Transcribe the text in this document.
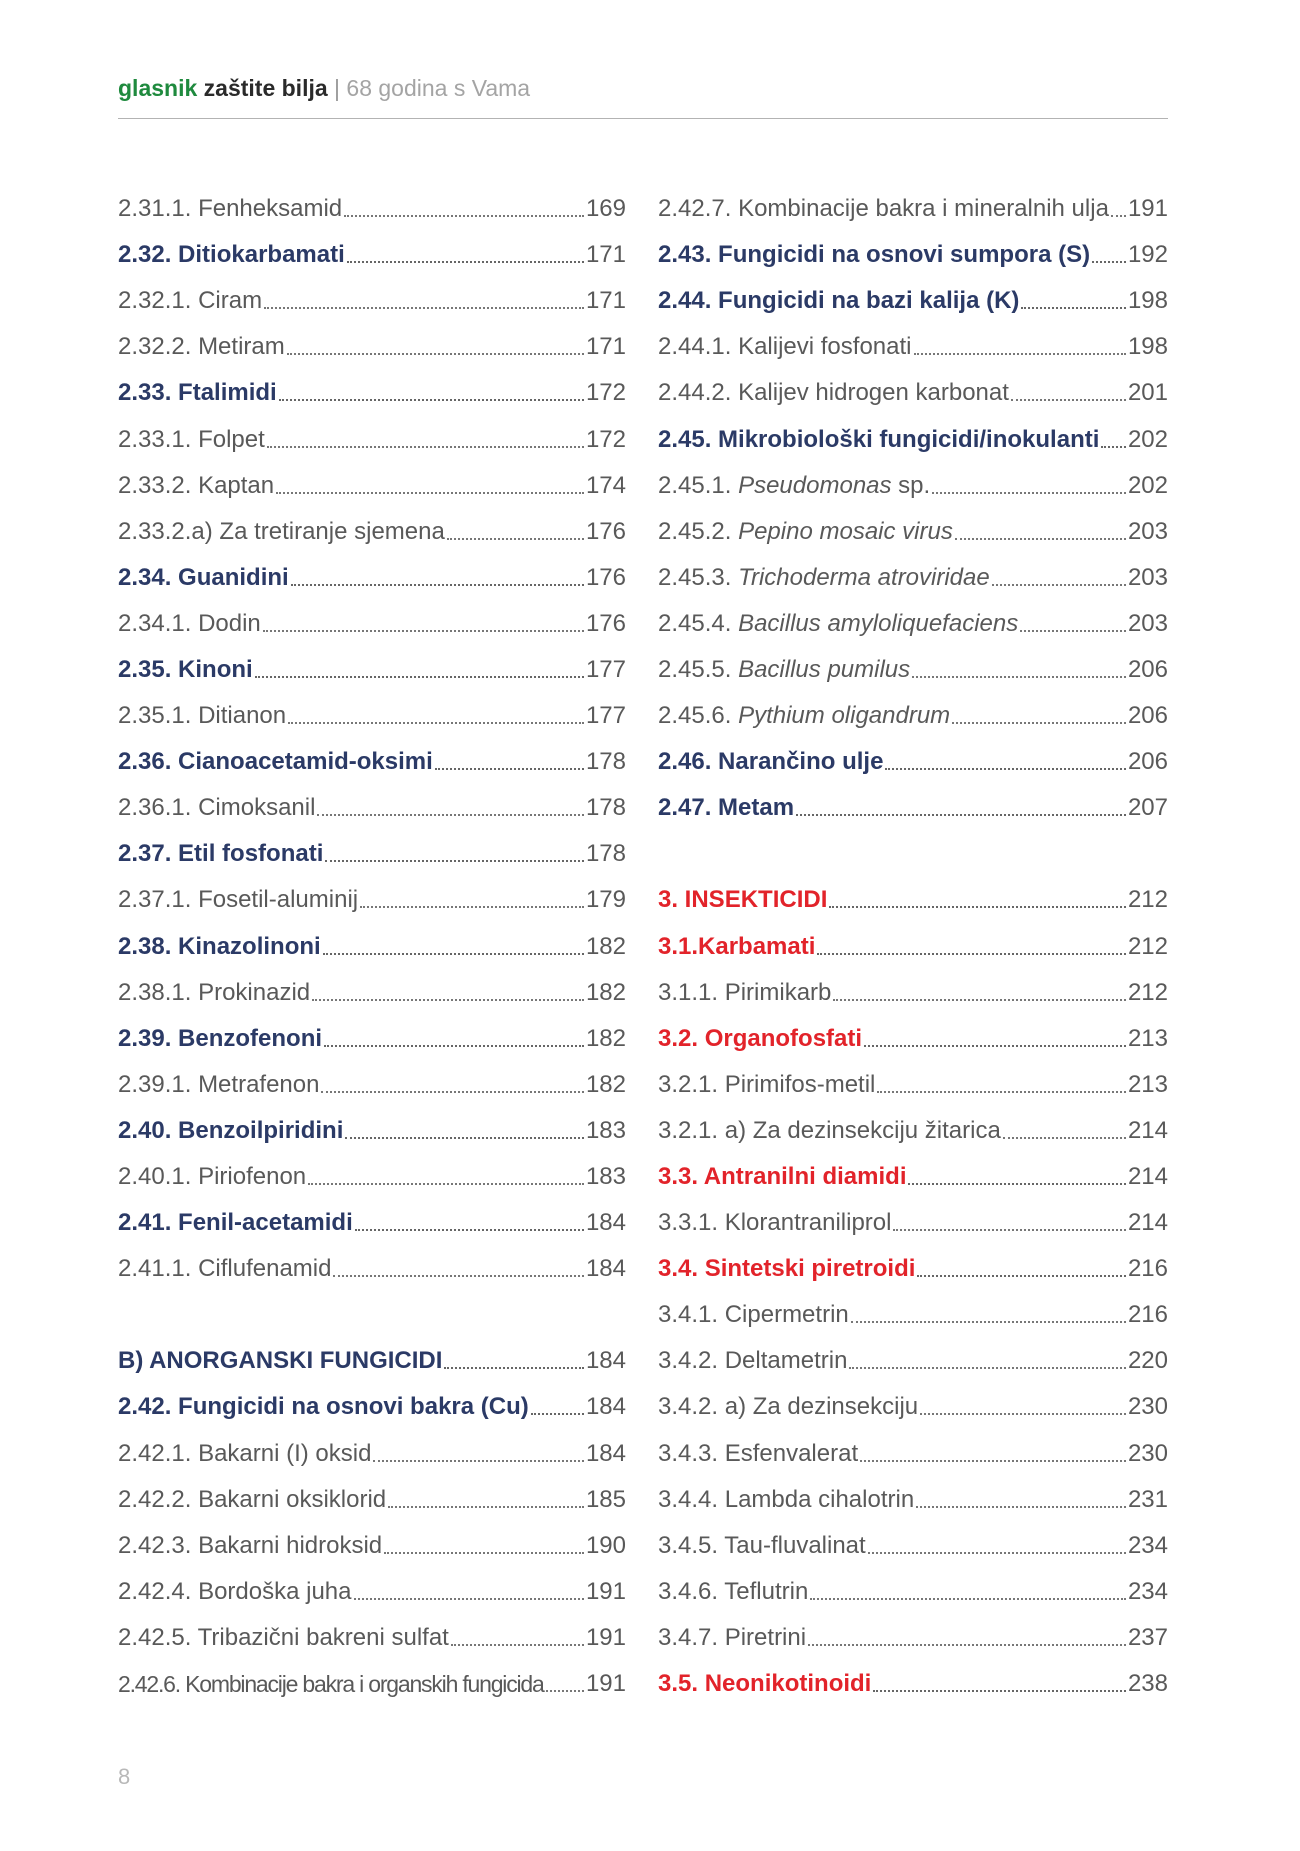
glasnik zaštite bilja | 68 godina s Vama
2.31.1. Fenheksamid	169
2.32. Ditiokarbamati	171
2.32.1. Ciram	171
2.32.2. Metiram	171
2.33. Ftalimidi	172
2.33.1. Folpet	172
2.33.2. Kaptan	174
2.33.2.a) Za tretiranje sjemena	176
2.34. Guanidini	176
2.34.1. Dodin	176
2.35. Kinoni	177
2.35.1. Ditianon	177
2.36. Cianoacetamid-oksimi	178
2.36.1. Cimoksanil	178
2.37. Etil fosfonati	178
2.37.1. Fosetil-aluminij	179
2.38. Kinazolinoni	182
2.38.1. Prokinazid	182
2.39. Benzofenoni	182
2.39.1. Metrafenon	182
2.40. Benzoilpiridini	183
2.40.1. Piriofenon	183
2.41. Fenil-acetamidi	184
2.41.1. Ciflufenamid	184
B) ANORGANSKI FUNGICIDI	184
2.42. Fungicidi na osnovi bakra (Cu) 184
2.42.1. Bakarni (I) oksid	184
2.42.2. Bakarni oksiklorid	185
2.42.3. Bakarni hidroksid	190
2.42.4. Bordoška juha	191
2.42.5. Tribazični bakreni sulfat	191
2.42.6. Kombinacije bakra i organskih fungicida 191
2.42.7. Kombinacije bakra i mineralnih ulja 191
2.43. Fungicidi na osnovi sumpora (S) 192
2.44. Fungicidi na bazi kalija (K)	198
2.44.1. Kalijevi fosfonati	198
2.44.2. Kalijev hidrogen karbonat	201
2.45. Mikrobiološki fungicidi/inokulanti 202
2.45.1. Pseudomonas sp.	202
2.45.2. Pepino mosaic virus	203
2.45.3. Trichoderma atroviridae	203
2.45.4. Bacillus amyloliquefaciens	203
2.45.5. Bacillus pumilus	206
2.45.6. Pythium oligandrum	206
2.46. Narančino ulje	206
2.47. Metam	207
3. INSEKTICIDI	212
3.1.Karbamati	212
3.1.1. Pirimikarb	212
3.2. Organofosfati	213
3.2.1. Pirimifos-metil	213
3.2.1. a) Za dezinsekciju žitarica	214
3.3. Antranilni diamidi	214
3.3.1. Klorantraniliprol	214
3.4. Sintetski piretroidi	216
3.4.1. Cipermetrin	216
3.4.2. Deltametrin	220
3.4.2. a) Za dezinsekciju	230
3.4.3. Esfenvalerat	230
3.4.4. Lambda cihalotrin	231
3.4.5. Tau-fluvalinat	234
3.4.6. Teflutrin	234
3.4.7. Piretrini	237
3.5. Neonikotinoidi	238
8
